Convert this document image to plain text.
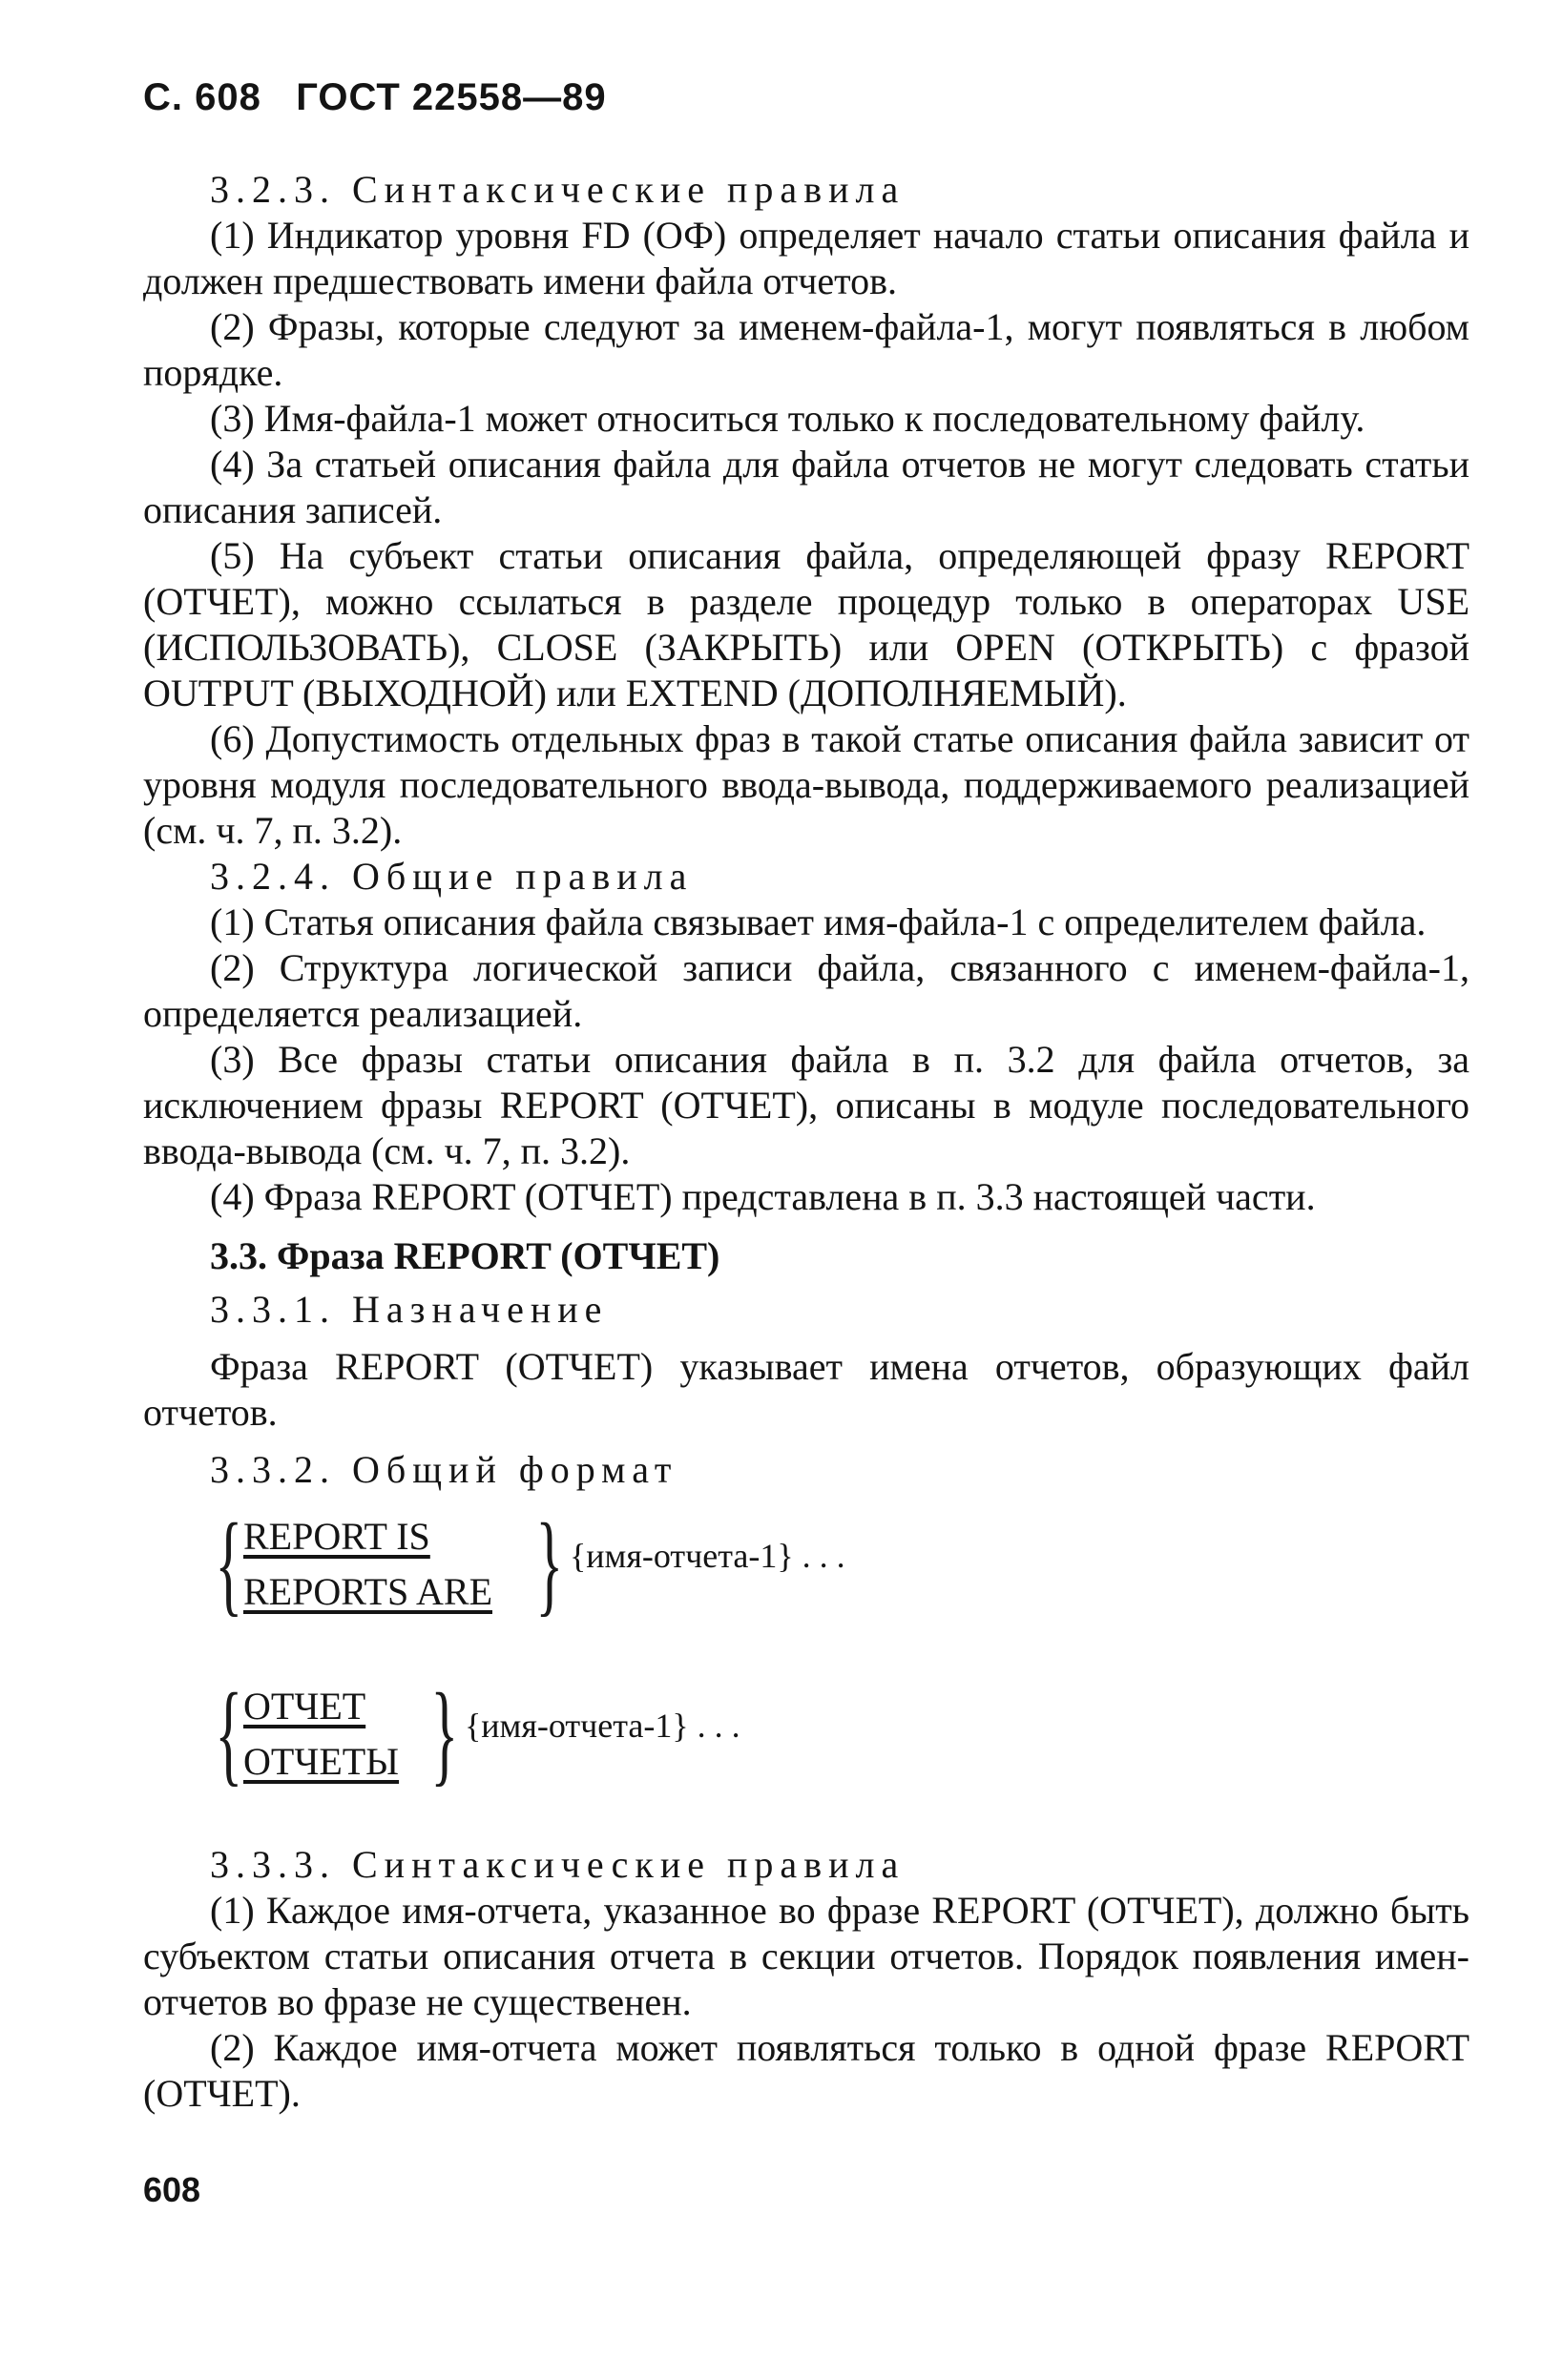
С. 608 ГОСТ 22558—89
3.2.3. Синтаксические правила

(1) Индикатор уровня FD (ОФ) определяет начало статьи описания файла и должен предшествовать имени файла отчетов.

(2) Фразы, которые следуют за именем-файла-1, могут появляться в любом порядке.

(3) Имя-файла-1 может относиться только к последовательному файлу.

(4) За статьей описания файла для файла отчетов не могут следовать статьи описания записей.

(5) На субъект статьи описания файла, определяющей фразу REPORT (ОТЧЕТ), можно ссылаться в разделе процедур только в операторах USE (ИСПОЛЬЗОВАТЬ), CLOSE (ЗАКРЫТЬ) или OPEN (ОТКРЫТЬ) с фразой OUTPUT (ВЫХОДНОЙ) или EXTEND (ДОПОЛНЯЕМЫЙ).

(6) Допустимость отдельных фраз в такой статье описания файла зависит от уровня модуля последовательного ввода-вывода, поддерживаемого реализацией (см. ч. 7, п. 3.2).

3.2.4. Общие правила

(1) Статья описания файла связывает имя-файла-1 с определителем файла.

(2) Структура логической записи файла, связанного с именем-файла-1, определяется реализацией.

(3) Все фразы статьи описания файла в п. 3.2 для файла отчетов, за исключением фразы REPORT (ОТЧЕТ), описаны в модуле последовательного ввода-вывода (см. ч. 7, п. 3.2).

(4) Фраза REPORT (ОТЧЕТ) представлена в п. 3.3 настоящей части.

3.3. Фраза REPORT (ОТЧЕТ)
3.3.1. Назначение

Фраза REPORT (ОТЧЕТ) указывает имена отчетов, образующих файл отчетов.

3.3.2. Общий формат
{ REPORT IS
REPORTS ARE } {имя-отчета-1} . . .
{ ОТЧЕТ
ОТЧЕТЫ } {имя-отчета-1} . . .
3.3.3. Синтаксические правила

(1) Каждое имя-отчета, указанное во фразе REPORT (ОТЧЕТ), должно быть субъектом статьи описания отчета в секции отчетов. Порядок появления имен-отчетов во фразе не существенен.

(2) Каждое имя-отчета может появляться только в одной фразе REPORT (ОТЧЕТ).

608
